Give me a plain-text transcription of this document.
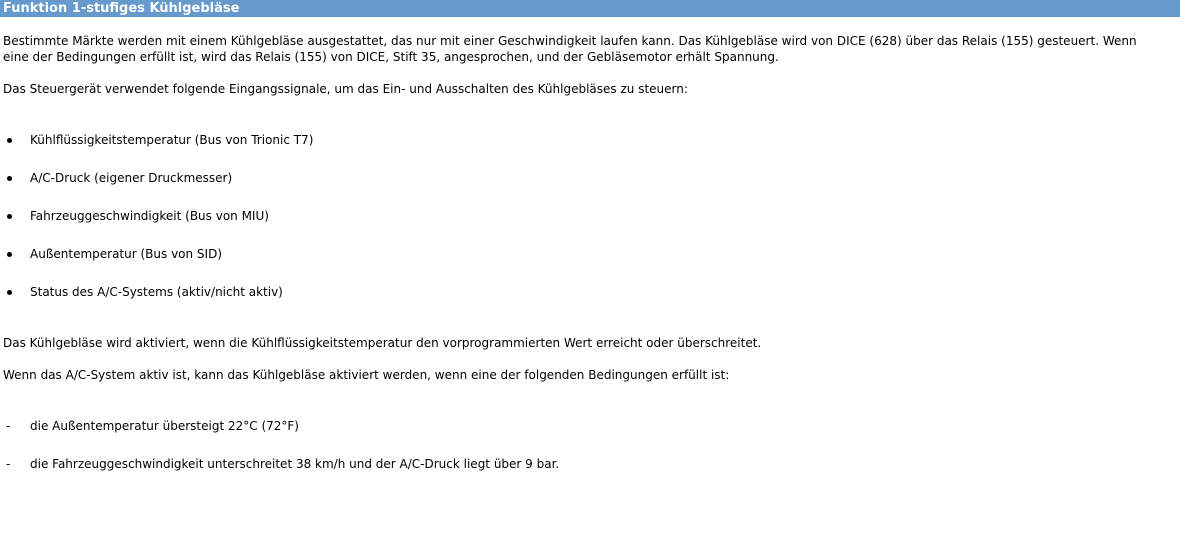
Funktion 1-stufiges Kühlgebläse

Bestimmte Märkte werden mit einem Kühlgebläse ausgestattet, das nur mit einer Geschwindigkeit laufen kann. Das Kühlgebläse wird von DICE (628) über das Relais (155) gesteuert. Wenn

eine der Bedingungen erfüllt ist, wird das Relais (155) von DICE, Stift 35, angesprochen, und der Gebläsemotor erhält Spannung.

Das Steuergerät verwendet folgende Eingangssignale, um das Ein- und Ausschalten des Kühlgebläses zu steuern:

Kühlflüssigkeitstemperatur (Bus von Trionic T7)
A/C-Druck (eigener Druckmesser)
Fahrzeuggeschwindigkeit (Bus von MIU)
Außentemperatur (Bus von SID)
Status des A/C-Systems (aktiv/nicht aktiv)

Das Kühlgebläse wird aktiviert, wenn die Kühlflüssigkeitstemperatur den vorprogrammierten Wert erreicht oder überschreitet.

Wenn das A/C-System aktiv ist, kann das Kühlgebläse aktiviert werden, wenn eine der folgenden Bedingungen erfüllt ist:

- die Außentemperatur übersteigt 22°C (72°F)
- die Fahrzeuggeschwindigkeit unterschreitet 38 km/h und der A/C-Druck liegt über 9 bar.
